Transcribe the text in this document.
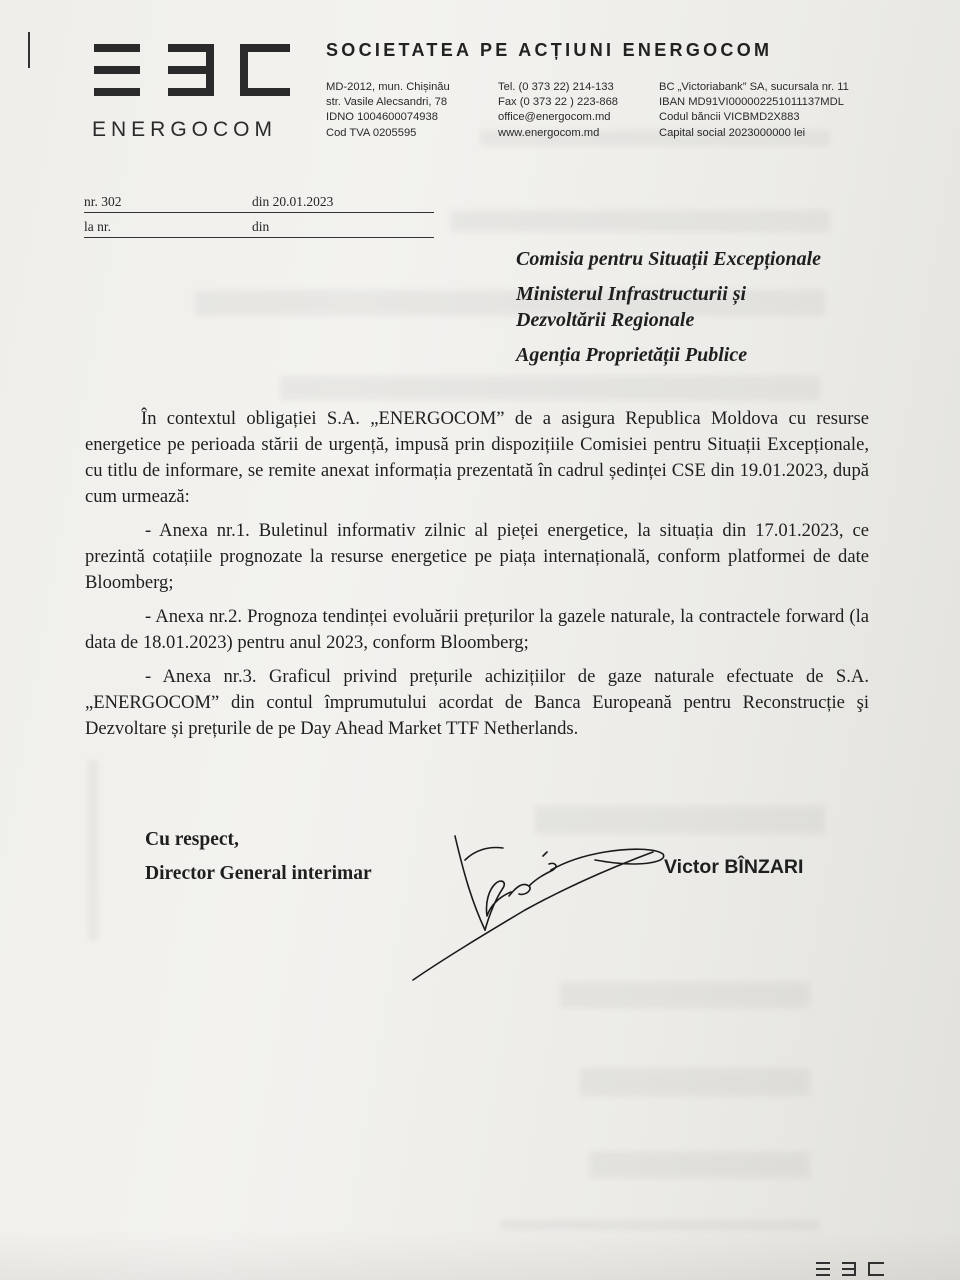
ENERGOCOM
SOCIETATEA PE ACȚIUNI ENERGOCOM
MD-2012, mun. Chișinău
str. Vasile Alecsandri, 78
IDNO 1004600074938
Cod TVA 0205595
Tel. (0 373 22) 214-133
Fax (0 373 22 ) 223-868
office@energocom.md
www.energocom.md
BC „Victoriabank” SA, sucursala nr. 11
IBAN MD91VI000002251011137MDL
Codul băncii VICBMD2X883
Capital social 2023000000 lei
nr. 302	din 20.01.2023
la nr.	din
Comisia pentru Situații Excepționale
Ministerul Infrastructurii și
Dezvoltării Regionale
Agenția Proprietății Publice

În contextul obligației S.A. „ENERGOCOM” de a asigura Republica Moldova cu resurse energetice pe perioada stării de urgență, impusă prin dispozițiile Comisiei pentru Situații Excepționale, cu titlu de informare, se remite anexat informația prezentată în cadrul ședinței CSE din 19.01.2023, după cum urmează:

- Anexa nr.1. Buletinul informativ zilnic al pieței energetice, la situația din 17.01.2023, ce prezintă cotațiile prognozate la resurse energetice pe piața internațională, conform platformei de date Bloomberg;

- Anexa nr.2. Prognoza tendinței evoluării prețurilor la gazele naturale, la contractele forward (la data de 18.01.2023) pentru anul 2023, conform Bloomberg;

- Anexa nr.3. Graficul privind prețurile achizițiilor de gaze naturale efectuate de S.A. „ENERGOCOM” din contul împrumutului acordat de Banca Europeană pentru Reconstrucție şi Dezvoltare și prețurile de pe Day Ahead Market TTF Netherlands.

Cu respect,
Director General interimar	Victor BÎNZARI
